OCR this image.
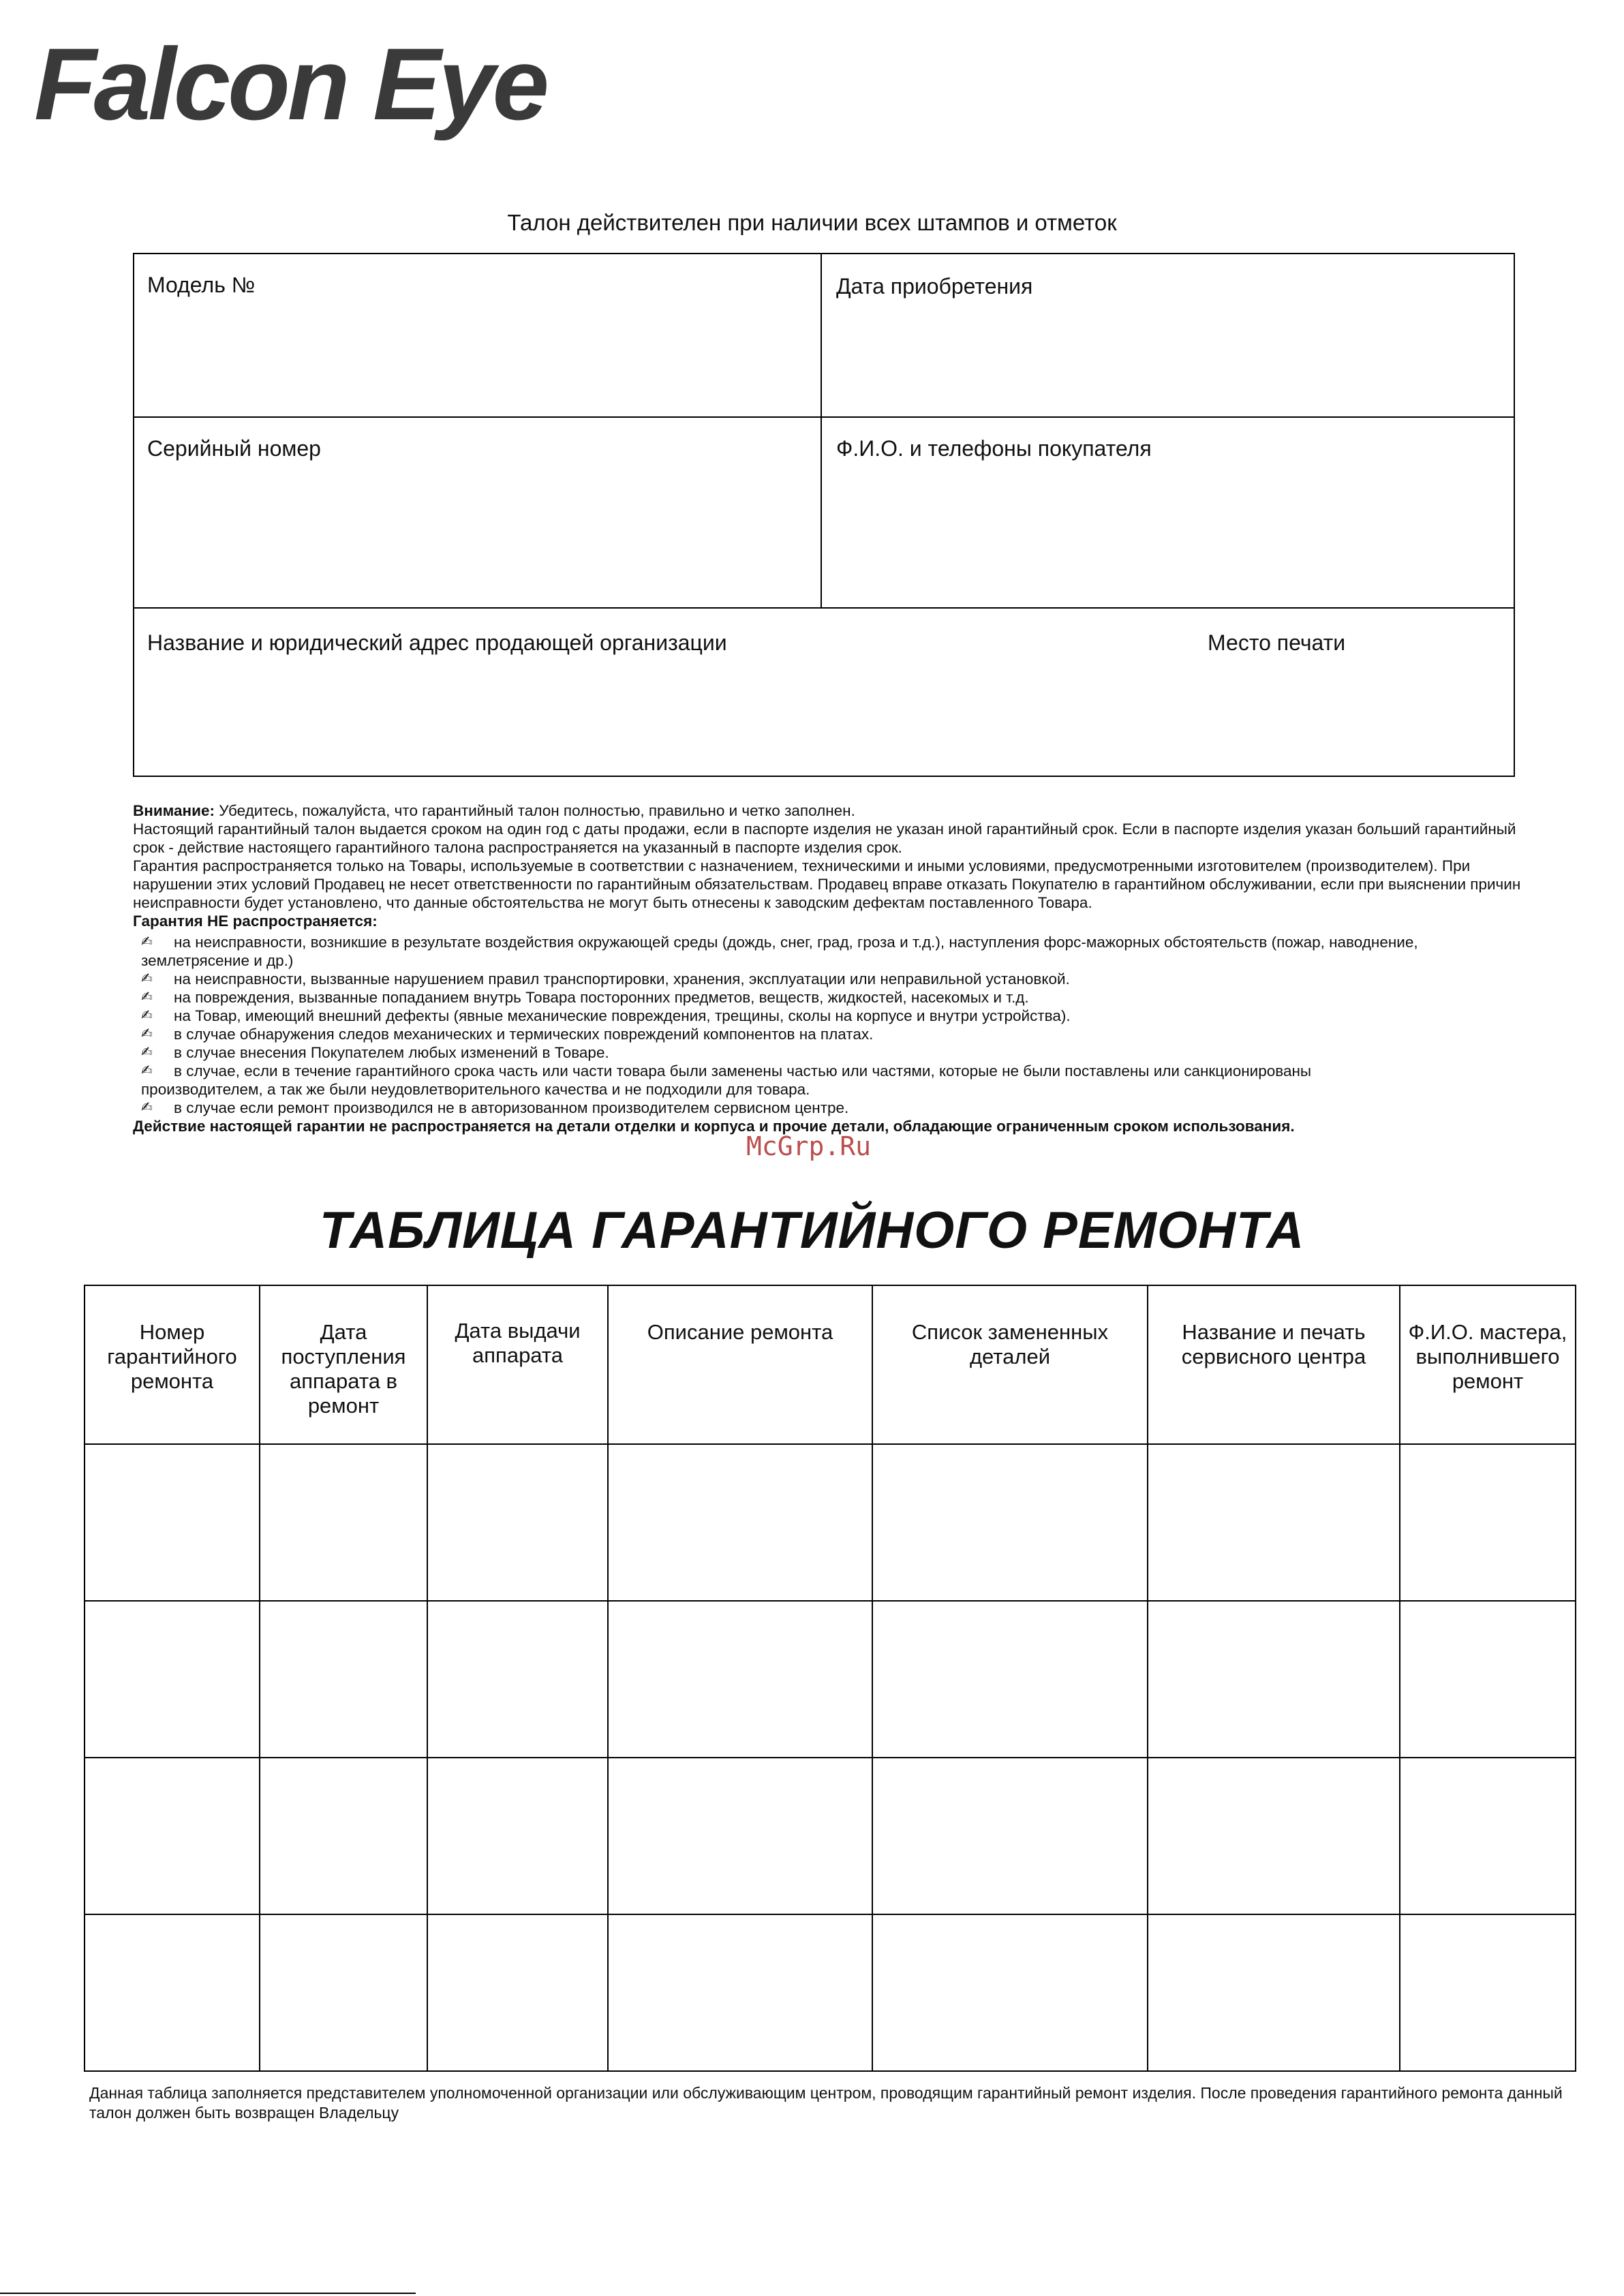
Falcon Eye
Талон действителен при наличии всех штампов и отметок
Модель №	Дата приобретения
Серийный номер	Ф.И.О. и телефоны покупателя
Название и юридический адрес продающей организации	Место печати

Внимание: Убедитесь, пожалуйста, что гарантийный талон полностью, правильно и четко заполнен.

Настоящий гарантийный талон выдается сроком на один год с даты продажи, если в паспорте изделия не указан иной гарантийный срок. Если в паспорте изделия указан больший гарантийный срок - действие настоящего гарантийного талона распространяется на указанный в паспорте изделия срок.

Гарантия распространяется только на Товары, используемые в соответствии с назначением, техническими и иными условиями, предусмотренными изготовителем (производителем). При нарушении этих условий Продавец не несет ответственности по гарантийным обязательствам. Продавец вправе отказать Покупателю в гарантийном обслуживании, если при выяснении причин неисправности будет установлено, что данные обстоятельства не могут быть отнесены к заводским дефектам поставленного Товара.

Гарантия НЕ распространяется:

✍ на неисправности, возникшие в результате воздействия окружающей среды (дождь, снег, град, гроза и т.д.), наступления форс-мажорных обстоятельств (пожар, наводнение,
землетрясение и др.)
✍ на неисправности, вызванные нарушением правил транспортировки, хранения, эксплуатации или неправильной установкой.
✍ на повреждения, вызванные попаданием внутрь Товара посторонних предметов, веществ, жидкостей, насекомых и т.д.
✍ на Товар, имеющий внешний дефекты (явные механические повреждения, трещины, сколы на корпусе и внутри устройства).
✍ в случае обнаружения следов механических и термических повреждений компонентов на платах.
✍ в случае внесения Покупателем любых изменений в Товаре.
✍ в случае, если в течение гарантийного срока часть или части товара были заменены частью или частями, которые не были поставлены или санкционированы
производителем, а так же были неудовлетворительного качества и не подходили для товара.
✍ в случае если ремонт производился не в авторизованном производителем сервисном центре.

Действие настоящей гарантии не распространяется на детали отделки и корпуса и прочие детали, обладающие ограниченным сроком использования.

McGrp.Ru
ТАБЛИЦА ГАРАНТИЙНОГО РЕМОНТА
Номер гарантийного ремонта	Дата поступления аппарата в ремонт	Дата выдачи аппарата	Описание ремонта	Список замененных деталей	Название и печать сервисного центра	Ф.И.О. мастера, выполнившего ремонт

Данная таблица заполняется представителем уполномоченной организации или обслуживающим центром, проводящим гарантийный ремонт изделия. После проведения гарантийного ремонта данный талон должен быть возвращен Владельцу
